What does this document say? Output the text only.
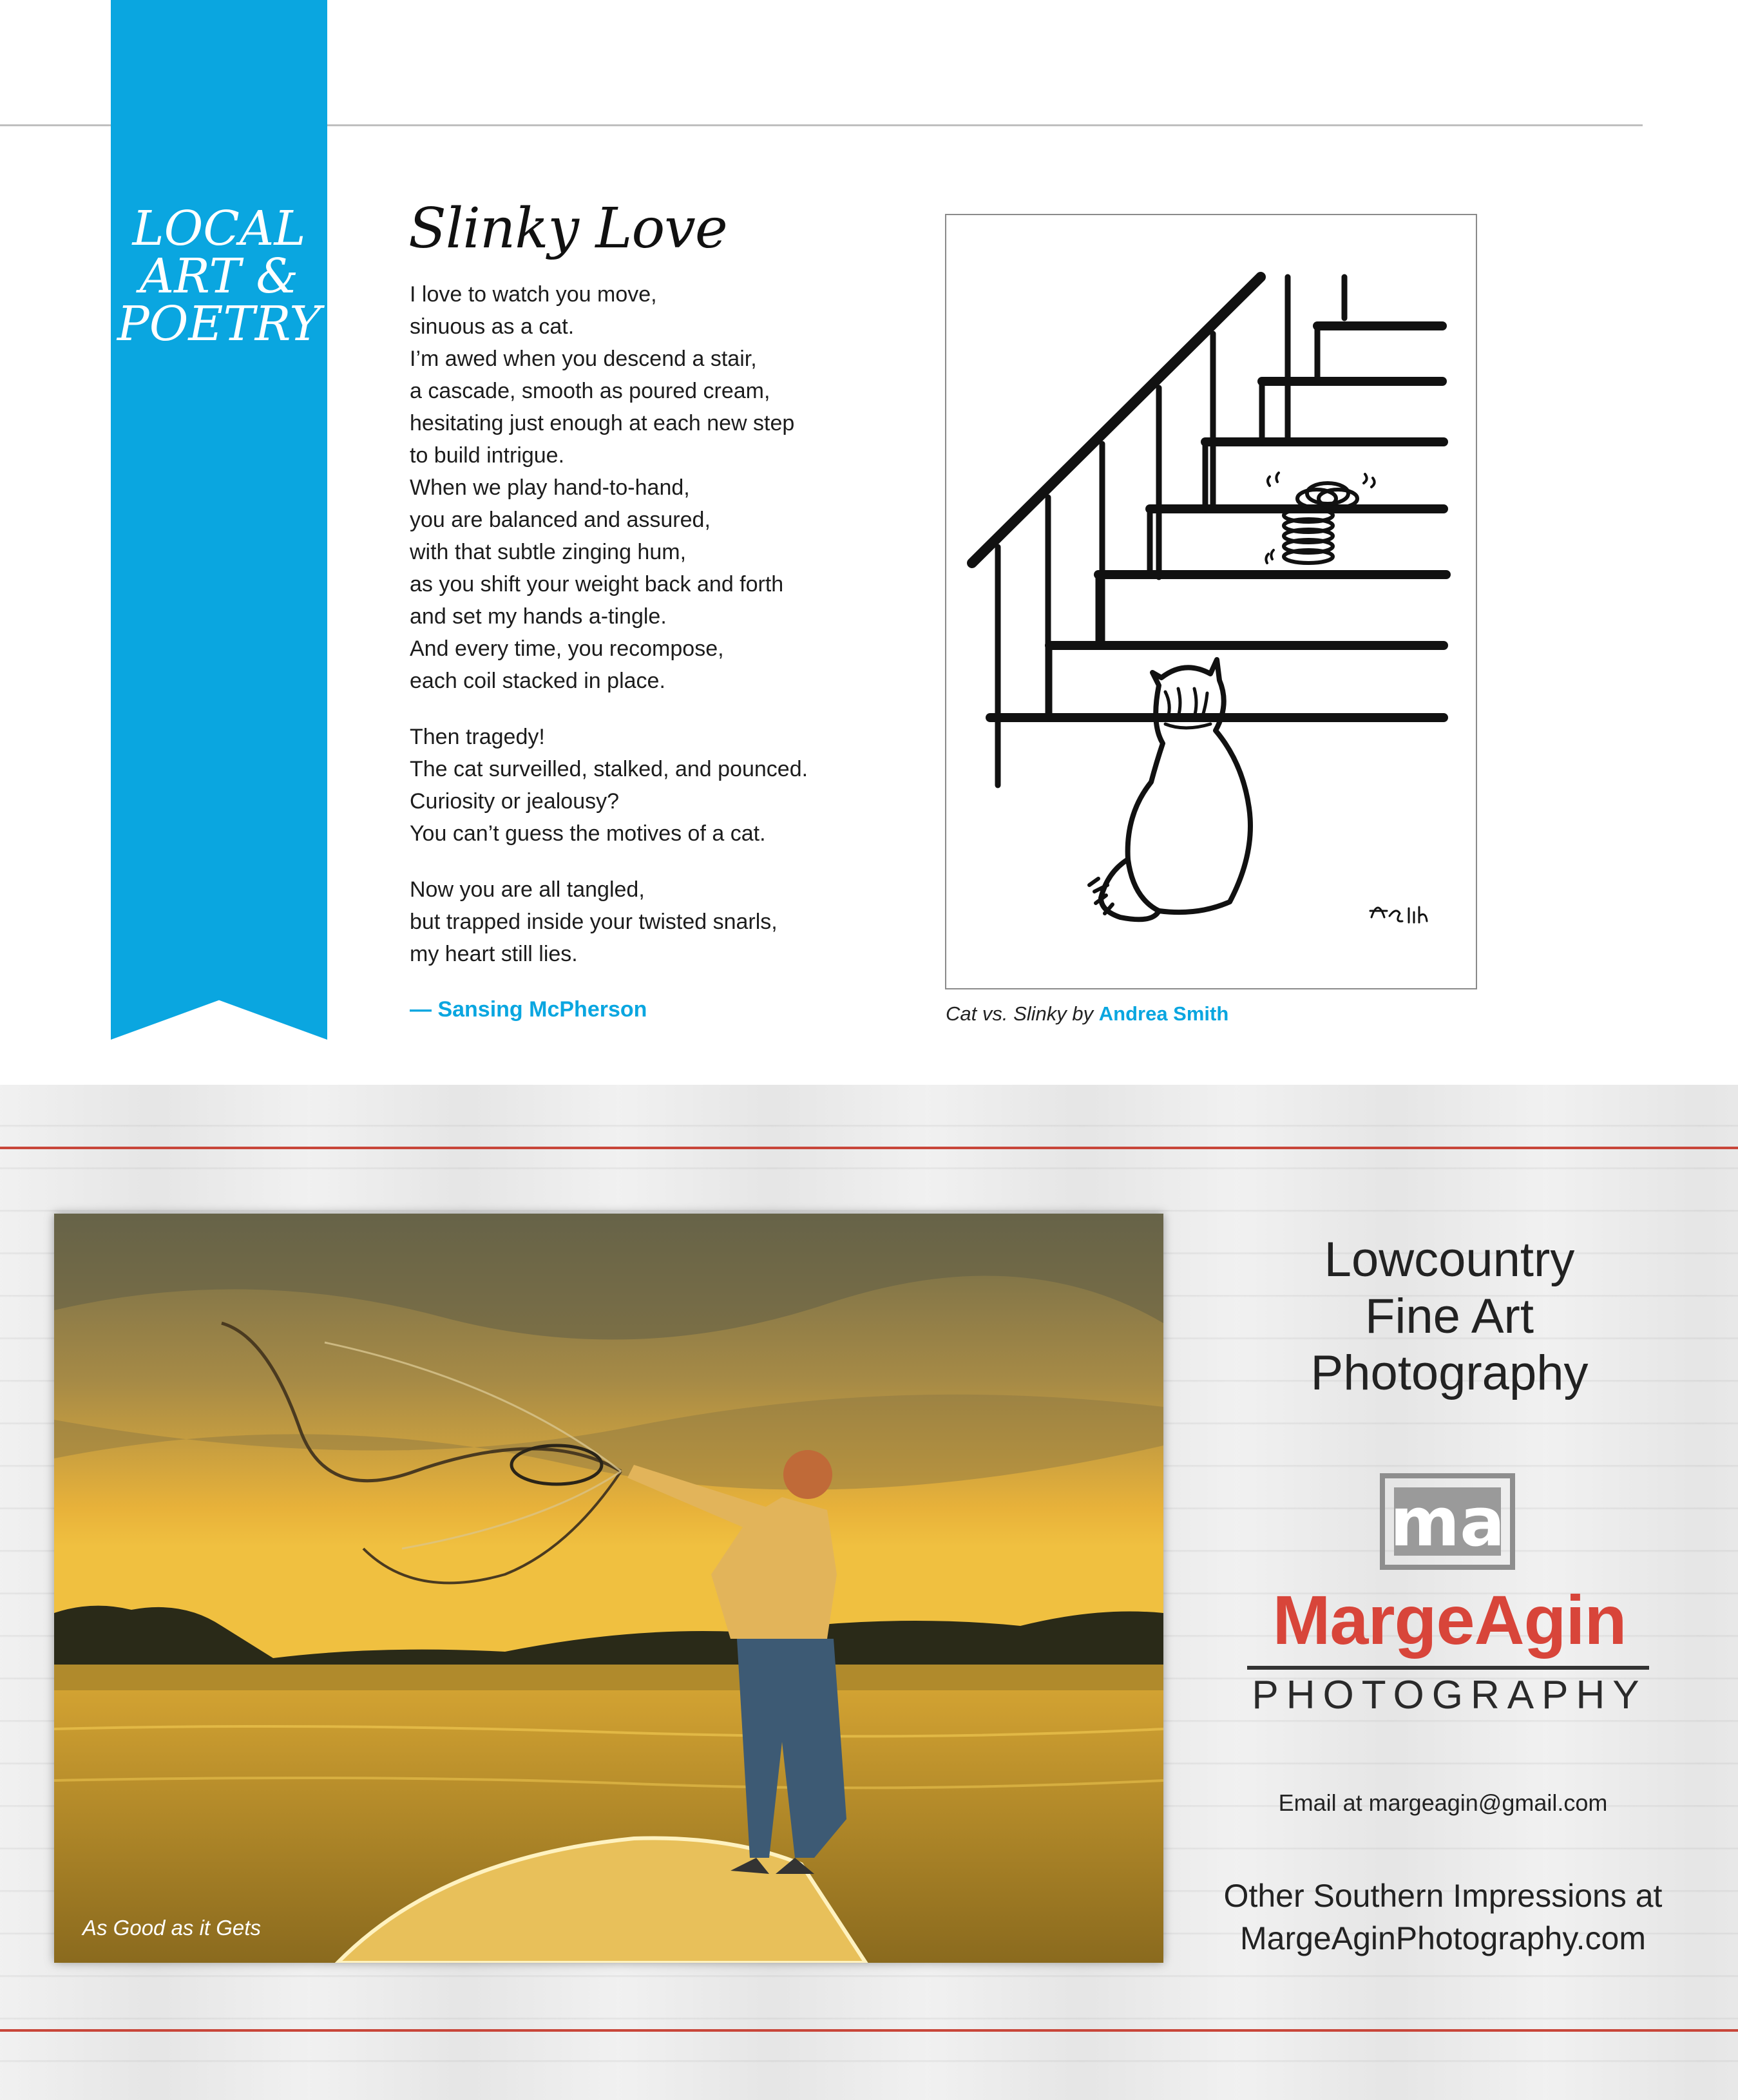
LOCAL
ART &
POETRY
Slinky Love
I love to watch you move,
sinuous as a cat.
I’m awed when you descend a stair,
a cascade, smooth as poured cream,
hesitating just enough at each new step
to build intrigue.
When we play hand-to-hand,
you are balanced and assured,
with that subtle zinging hum,
as you shift your weight back and forth
and set my hands a-tingle.
And every time, you recompose,
each coil stacked in place.
Then tragedy!
The cat surveilled, stalked, and pounced.
Curiosity or jealousy?
You can’t guess the motives of a cat.
Now you are all tangled,
but trapped inside your twisted snarls,
my heart still lies.
— Sansing McPherson	Cat vs. Slinky by Andrea Smith
As Good as it Gets
Lowcountry
Fine Art
Photography
ma
MargeAgin
PHOTOGRAPHY
Email at margeagin@gmail.com
Other Southern Impressions at
MargeAginPhotography.com
